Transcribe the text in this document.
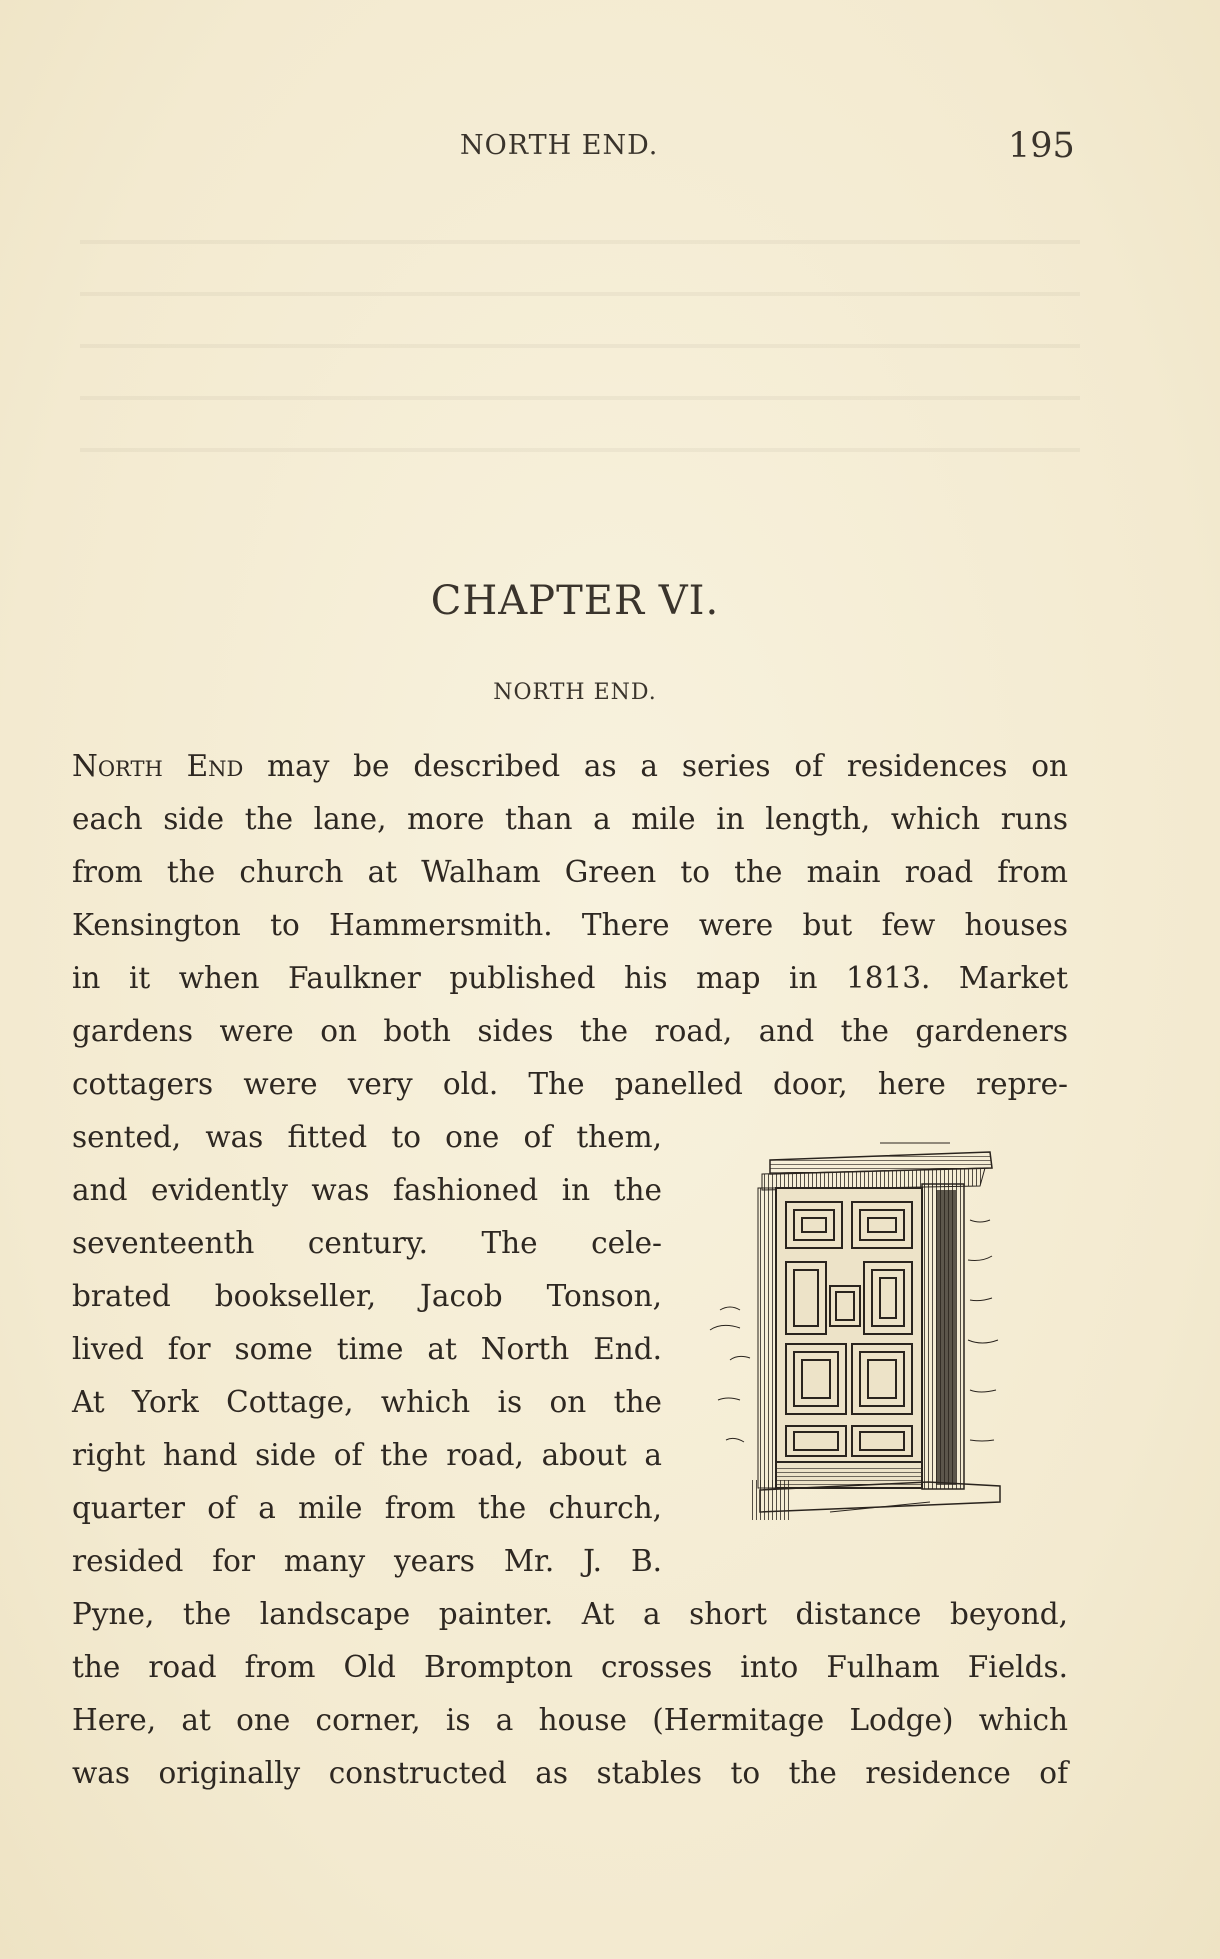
NORTH END.	195
CHAPTER VI.
NORTH END.
North End may be described as a series of residences on
each side the lane, more than a mile in length, which runs
from the church at Walham Green to the main road from
Kensington to Hammersmith. There were but few houses
in it when Faulkner published his map in 1813. Market
gardens were on both sides the road, and the gardeners
cottagers were very old. The panelled door, here repre-
sented, was fitted to one of them,
and evidently was fashioned in the
seventeenth century. The cele-
brated bookseller, Jacob Tonson,
lived for some time at North End.
At York Cottage, which is on the
right hand side of the road, about a
quarter of a mile from the church,
resided for many years Mr. J. B.
Pyne, the landscape painter. At a short distance beyond,
the road from Old Brompton crosses into Fulham Fields.
Here, at one corner, is a house (Hermitage Lodge) which
was originally constructed as stables to the residence of
